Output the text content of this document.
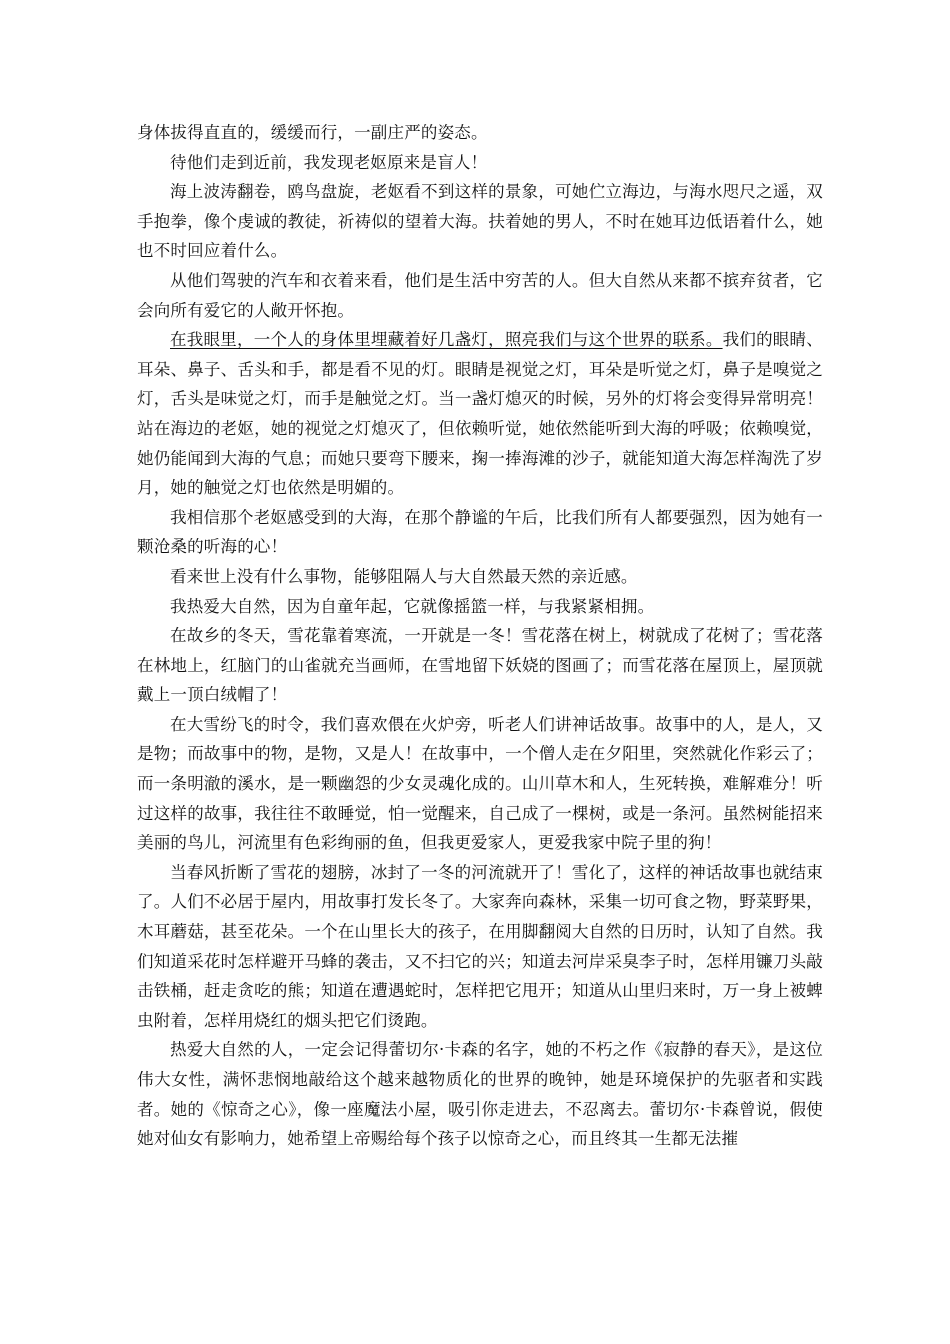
身体拔得直直的，缓缓而行，一副庄严的姿态。

待他们走到近前，我发现老妪原来是盲人！

海上波涛翻卷，鸥鸟盘旋，老妪看不到这样的景象，可她伫立海边，与海水咫尺之遥，双手抱拳，像个虔诚的教徒，祈祷似的望着大海。扶着她的男人，不时在她耳边低语着什么，她也不时回应着什么。

从他们驾驶的汽车和衣着来看，他们是生活中穷苦的人。但大自然从来都不摈弃贫者，它会向所有爱它的人敞开怀抱。

在我眼里，一个人的身体里埋藏着好几盏灯，照亮我们与这个世界的联系。我们的眼睛、耳朵、鼻子、舌头和手，都是看不见的灯。眼睛是视觉之灯，耳朵是听觉之灯，鼻子是嗅觉之灯，舌头是味觉之灯，而手是触觉之灯。当一盏灯熄灭的时候，另外的灯将会变得异常明亮！站在海边的老妪，她的视觉之灯熄灭了，但依赖听觉，她依然能听到大海的呼吸；依赖嗅觉，她仍能闻到大海的气息；而她只要弯下腰来，掬一捧海滩的沙子，就能知道大海怎样淘洗了岁月，她的触觉之灯也依然是明媚的。

我相信那个老妪感受到的大海，在那个静谧的午后，比我们所有人都要强烈，因为她有一颗沧桑的听海的心！

看来世上没有什么事物，能够阻隔人与大自然最天然的亲近感。

我热爱大自然，因为自童年起，它就像摇篮一样，与我紧紧相拥。

在故乡的冬天，雪花靠着寒流，一开就是一冬！雪花落在树上，树就成了花树了；雪花落在林地上，红脑门的山雀就充当画师，在雪地留下妖娆的图画了；而雪花落在屋顶上，屋顶就戴上一顶白绒帽了！

在大雪纷飞的时令，我们喜欢偎在火炉旁，听老人们讲神话故事。故事中的人，是人，又是物；而故事中的物，是物，又是人！在故事中，一个僧人走在夕阳里，突然就化作彩云了；而一条明澈的溪水，是一颗幽怨的少女灵魂化成的。山川草木和人，生死转换，难解难分！听过这样的故事，我往往不敢睡觉，怕一觉醒来，自己成了一棵树，或是一条河。虽然树能招来美丽的鸟儿，河流里有色彩绚丽的鱼，但我更爱家人，更爱我家中院子里的狗！

当春风折断了雪花的翅膀，冰封了一冬的河流就开了！雪化了，这样的神话故事也就结束了。人们不必居于屋内，用故事打发长冬了。大家奔向森林，采集一切可食之物，野菜野果，木耳蘑菇，甚至花朵。一个在山里长大的孩子，在用脚翻阅大自然的日历时，认知了自然。我们知道采花时怎样避开马蜂的袭击，又不扫它的兴；知道去河岸采臭李子时，怎样用镰刀头敲击铁桶，赶走贪吃的熊；知道在遭遇蛇时，怎样把它甩开；知道从山里归来时，万一身上被蜱虫附着，怎样用烧红的烟头把它们烫跑。

热爱大自然的人，一定会记得蕾切尔·卡森的名字，她的不朽之作《寂静的春天》，是这位伟大女性，满怀悲悯地敲给这个越来越物质化的世界的晚钟，她是环境保护的先驱者和实践者。她的《惊奇之心》，像一座魔法小屋，吸引你走进去，不忍离去。蕾切尔·卡森曾说，假使她对仙女有影响力，她希望上帝赐给每个孩子以惊奇之心，而且终其一生都无法摧
